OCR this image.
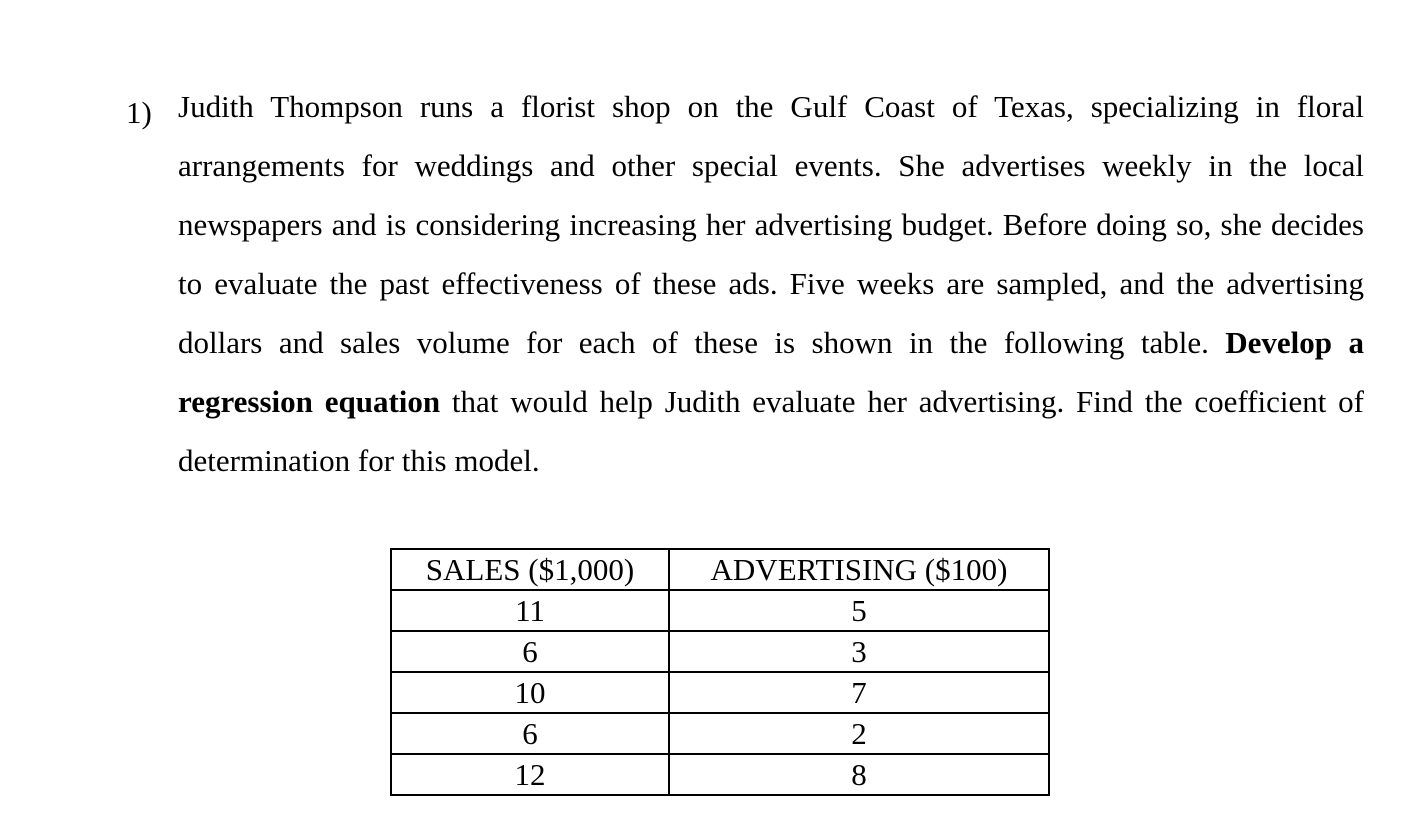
1) Judith Thompson runs a florist shop on the Gulf Coast of Texas, specializing in floral arrangements for weddings and other special events. She advertises weekly in the local newspapers and is considering increasing her advertising budget. Before doing so, she decides to evaluate the past effectiveness of these ads. Five weeks are sampled, and the advertising dollars and sales volume for each of these is shown in the following table. Develop a regression equation that would help Judith evaluate her advertising. Find the coefficient of determination for this model.

SALES ($1,000)	ADVERTISING ($100)
11	5
6	3
10	7
6	2
12	8
